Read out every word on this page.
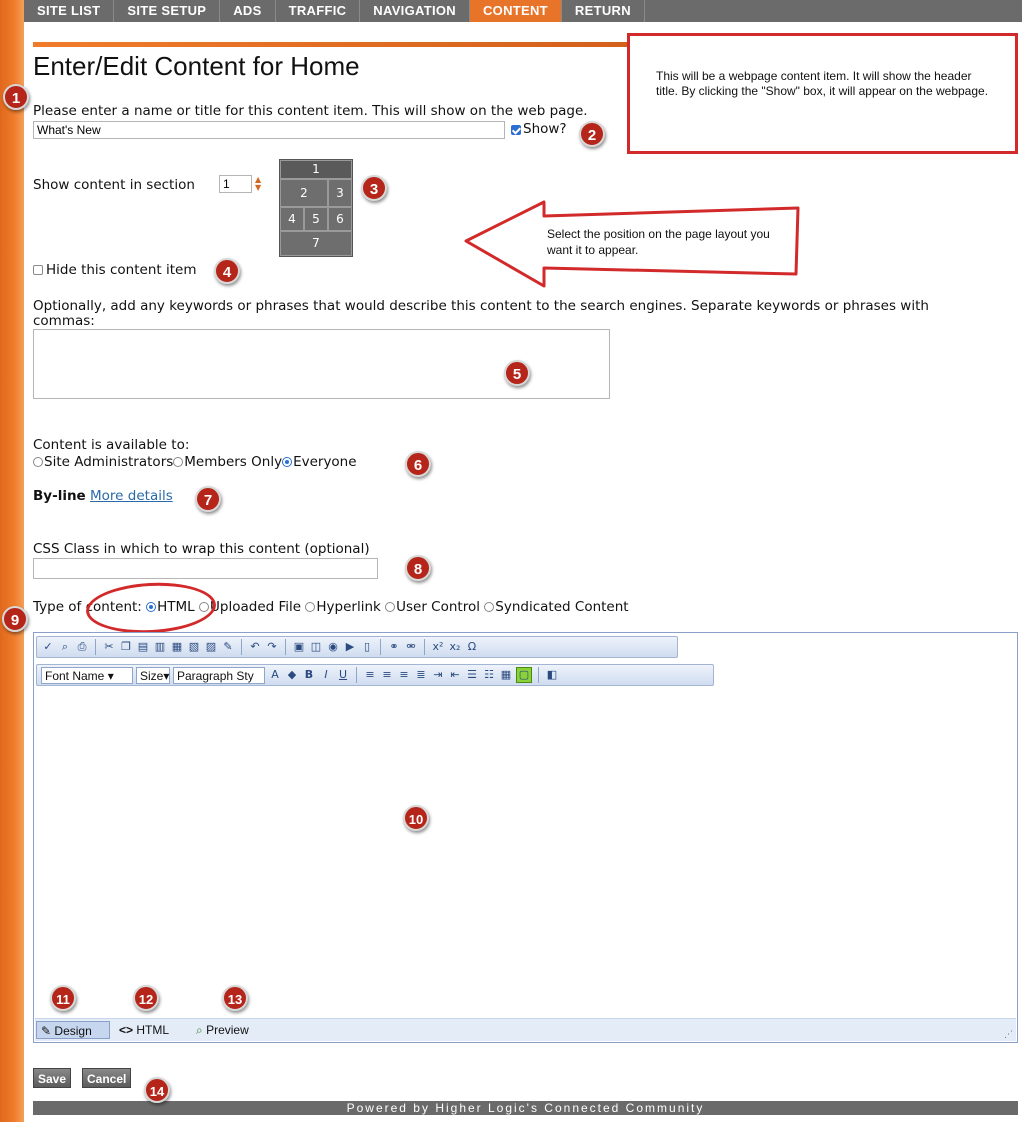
SITE LIST	SITE SETUP	ADS	TRAFFIC	NAVIGATION	CONTENT	RETURN
Enter/Edit Content for Home
Please enter a name or title for this content item. This will show on the web page.
What's New
Show?
Show content in section
1	▲
▼
1
2	3
4	5	6
7
Hide this content item
Optionally, add any keywords or phrases that would describe this content to the search engines. Separate keywords or phrases with
commas:
Content is available to:
Site Administrators Members Only Everyone
By-line More details
CSS Class in which to wrap this content (optional)
Type of content: HTML Uploaded File Hyperlink User Control Syndicated Content
✓ ⌕ ⎙ ✂ ❐ ▤ ▥ ▦ ▧ ▨ ✎ ↶ ↷ ▣ ◫ ◉ ▶ ▯	⚭ ⚮ x² x₂ Ω
Font Name ▾	Size▾ Paragraph Sty	A ◆ B	I	U ≡ ≡ ≡ ≣ ⇥ ⇤ ☰ ☷ ▦ ▢ ◧
✎ Design	<> HTML	⌕ Preview	⋰
Save	Cancel
Powered by Higher Logic's Connected Community
This will be a webpage content item. It will show the header title. By clicking the "Show" box, it will appear on the webpage.
Select the position on the page layout you want it to appear.
1
2
3
4
5
6
7
8
9
10
11	12	13
14
